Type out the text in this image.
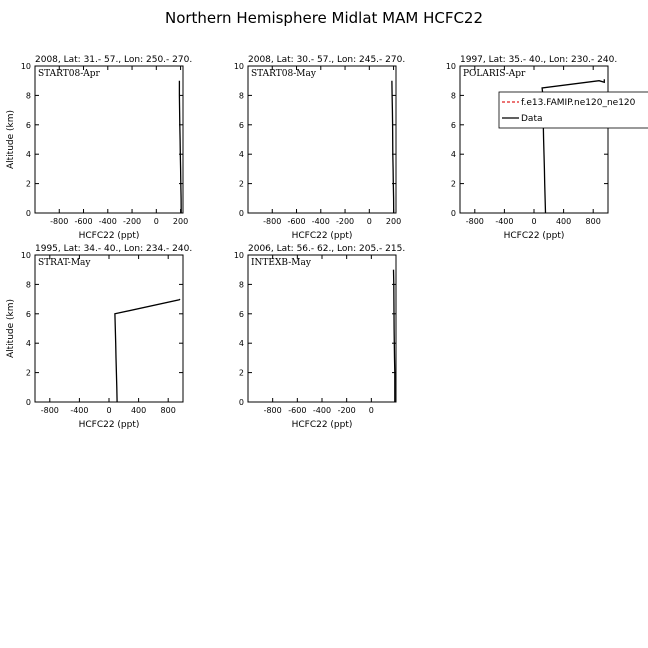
Northern Hemisphere Midlat MAM HCFC22
2008, Lat: 31.- 57., Lon: 250.- 270.
-800 -600 -400 -200 0 200
0
2
4
6
8
10
HCFC22 (ppt)
Altitude (km)
START08-Apr
2008, Lat: 30.- 57., Lon: 245.- 270.
-800 -600 -400 -200 0 200
0
2
4
6
8
10
HCFC22 (ppt)
START08-May
1997, Lat: 35.- 40., Lon: 230.- 240.
-800 -400 0 400 800
0
2
4
6
8
10
HCFC22 (ppt)
POLARIS-Apr
f.e13.FAMIP.ne120_ne120
Data
1995, Lat: 34.- 40., Lon: 234.- 240.
-800 -400 0 400 800
0
2
4
6
8
10
HCFC22 (ppt)
Altitude (km)
STRAT-May
2006, Lat: 56.- 62., Lon: 205.- 215.
-800 -600 -400 -200 0
0
2
4
6
8
10
HCFC22 (ppt)
INTEXB-May
